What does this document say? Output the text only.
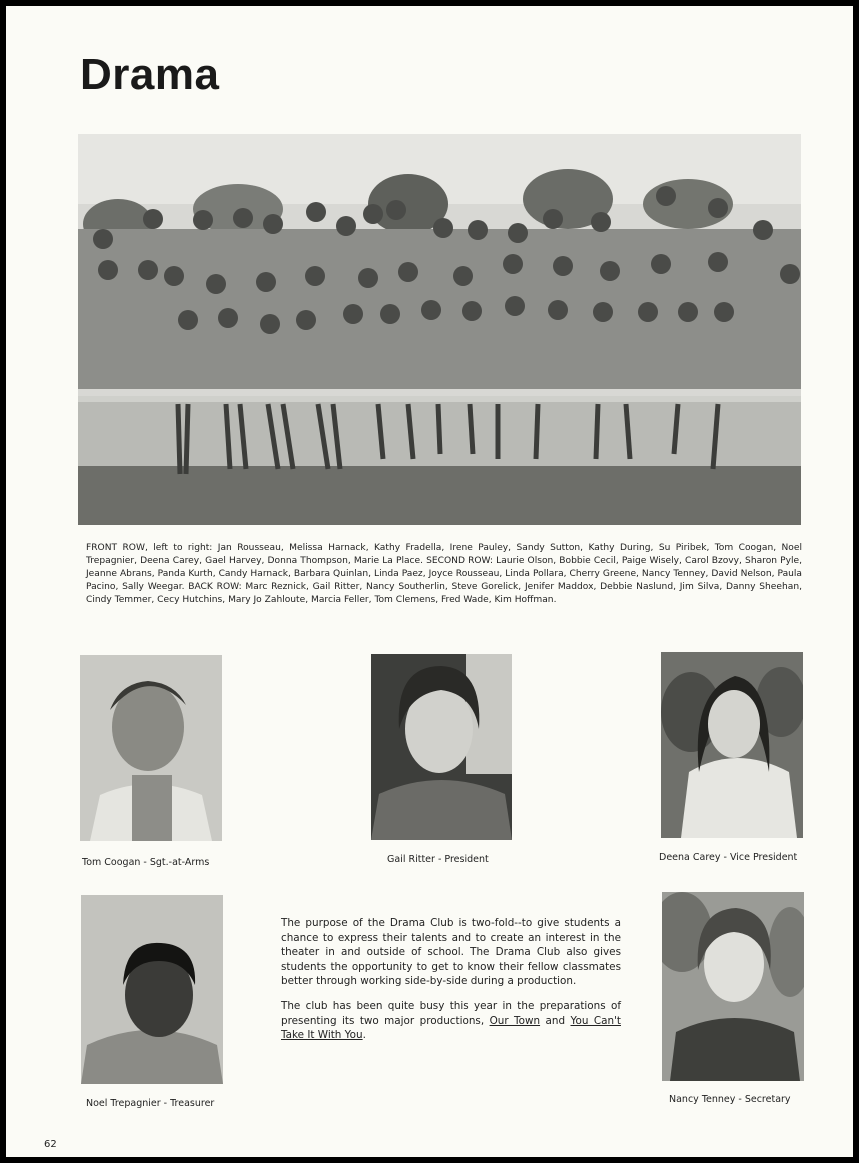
Drama
FRONT ROW, left to right: Jan Rousseau, Melissa Harnack, Kathy Fradella, Irene Pauley, Sandy Sutton, Kathy During, Su Piribek, Tom Coogan, Noel Trepagnier, Deena Carey, Gael Harvey, Donna Thompson, Marie La Place. SECOND ROW: Laurie Olson, Bobbie Cecil, Paige Wisely, Carol Bzovy, Sharon Pyle, Jeanne Abrans, Panda Kurth, Candy Harnack, Barbara Quinlan, Linda Paez, Joyce Rousseau, Linda Pollara, Cherry Greene, Nancy Tenney, David Nelson, Paula Pacino, Sally Weegar. BACK ROW: Marc Reznick, Gail Ritter, Nancy Southerlin, Steve Gorelick, Jenifer Maddox, Debbie Naslund, Jim Silva, Danny Sheehan, Cindy Temmer, Cecy Hutchins, Mary Jo Zahloute, Marcia Feller, Tom Clemens, Fred Wade, Kim Hoffman.
Tom Coogan - Sgt.-at-Arms	Gail Ritter - President	Deena Carey - Vice President
Noel Trepagnier - Treasurer	Nancy Tenney - Secretary

The purpose of the Drama Club is two-fold--to give students a chance to express their talents and to create an interest in the theater in and outside of school. The Drama Club also gives students the opportunity to get to know their fellow classmates better through working side-by-side during a production.

The club has been quite busy this year in the preparations of presenting its two major productions, Our Town and You Can't Take It With You.

62
